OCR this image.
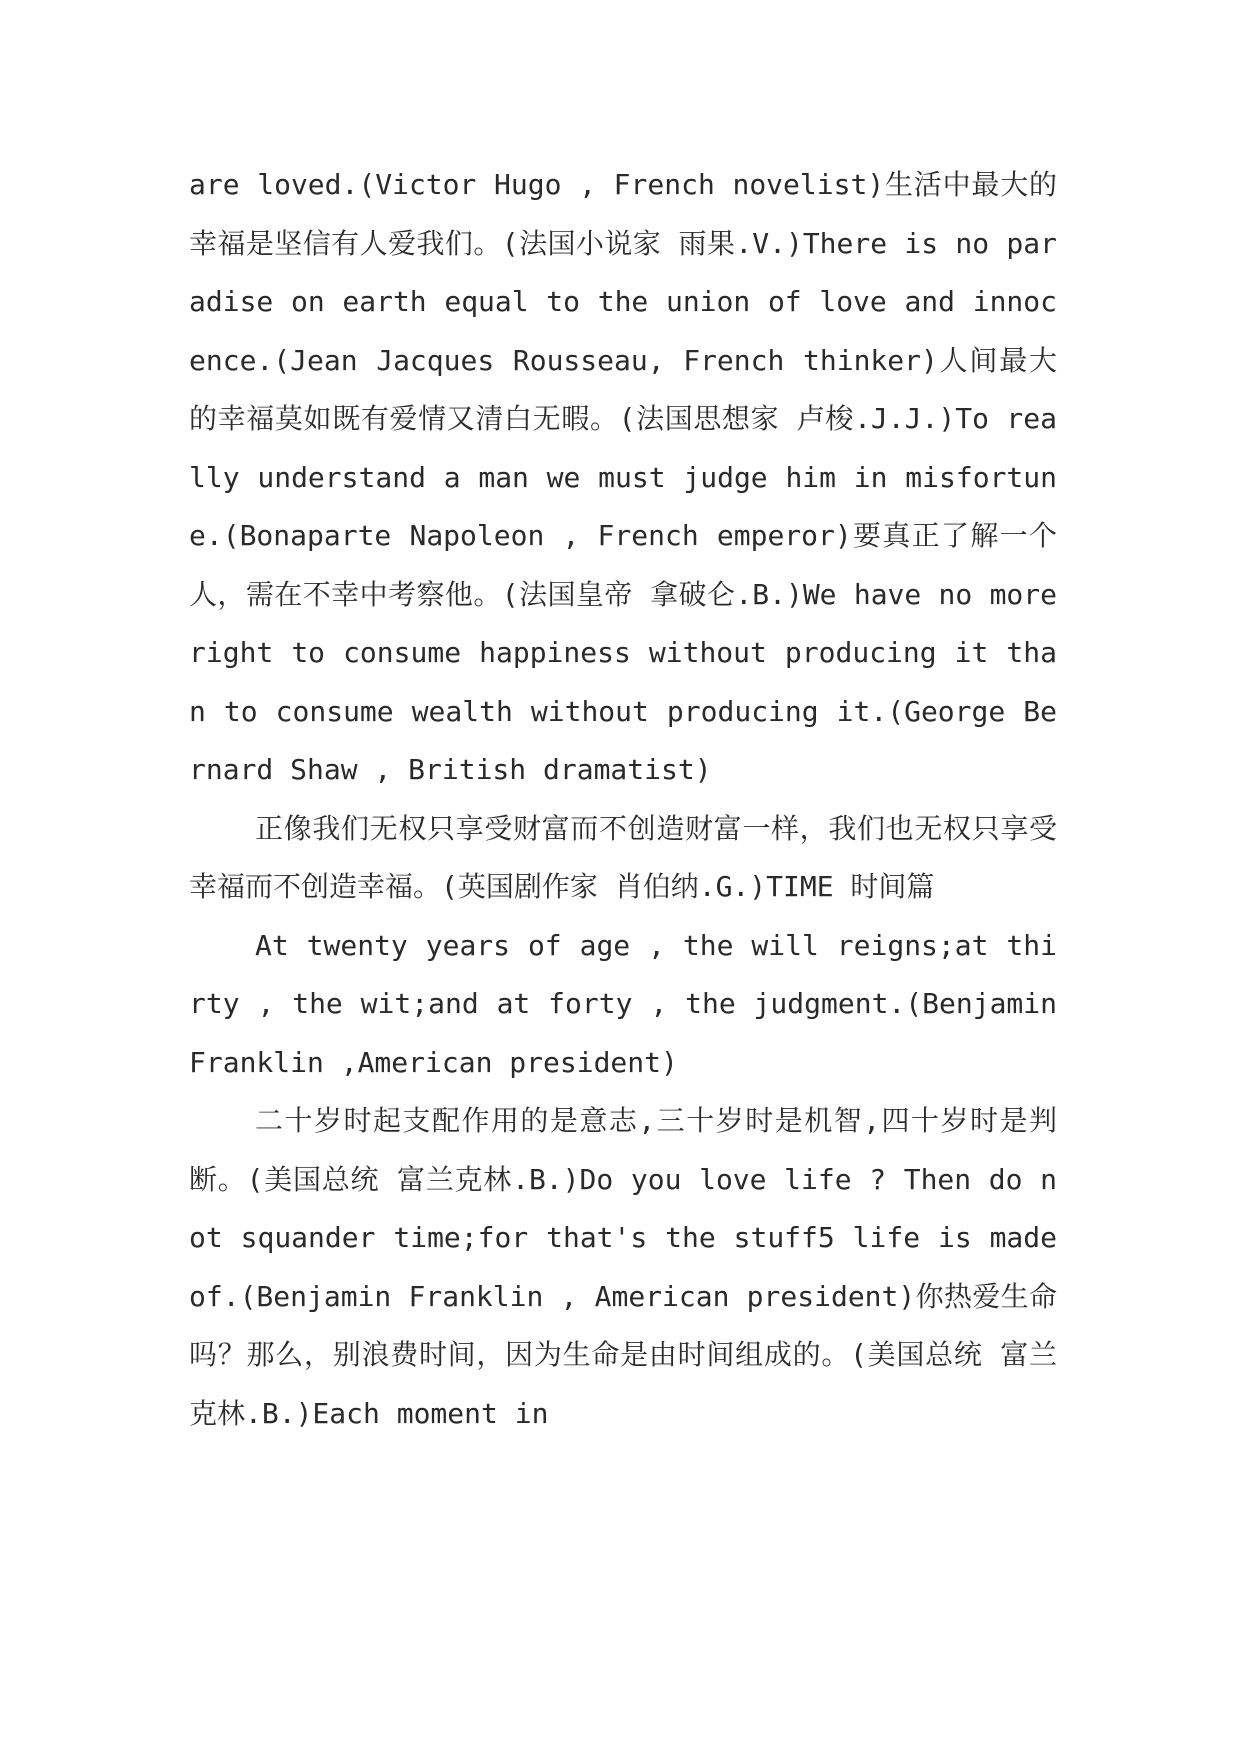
are loved.(Victor Hugo , French novelist)生活中最大的幸福是坚信有人爱我们。(法国小说家 雨果.V.)There is no paradise on earth equal to the union of love and innocence.(Jean Jacques Rousseau, French thinker)人间最大的幸福莫如既有爱情又清白无暇。(法国思想家 卢梭.J.J.)To really understand a man we must judge him in misfortune.(Bonaparte Napoleon , French emperor)要真正了解一个人，需在不幸中考察他。(法国皇帝 拿破仑.B.)We have no more right to consume happiness without producing it than to consume wealth without producing it.(George Bernard Shaw , British dramatist)

正像我们无权只享受财富而不创造财富一样，我们也无权只享受幸福而不创造幸福。(英国剧作家 肖伯纳.G.)TIME 时间篇

At twenty years of age , the will reigns;at thirty , the wit;and at forty , the judgment.(Benjamin Franklin ,American president)

二十岁时起支配作用的是意志,三十岁时是机智,四十岁时是判断。(美国总统 富兰克林.B.)Do you love life ? Then do not squander time;for that's the stuff5 life is made of.(Benjamin Franklin , American president)你热爱生命吗？那么，别浪费时间，因为生命是由时间组成的。(美国总统 富兰克林.B.)Each moment in
